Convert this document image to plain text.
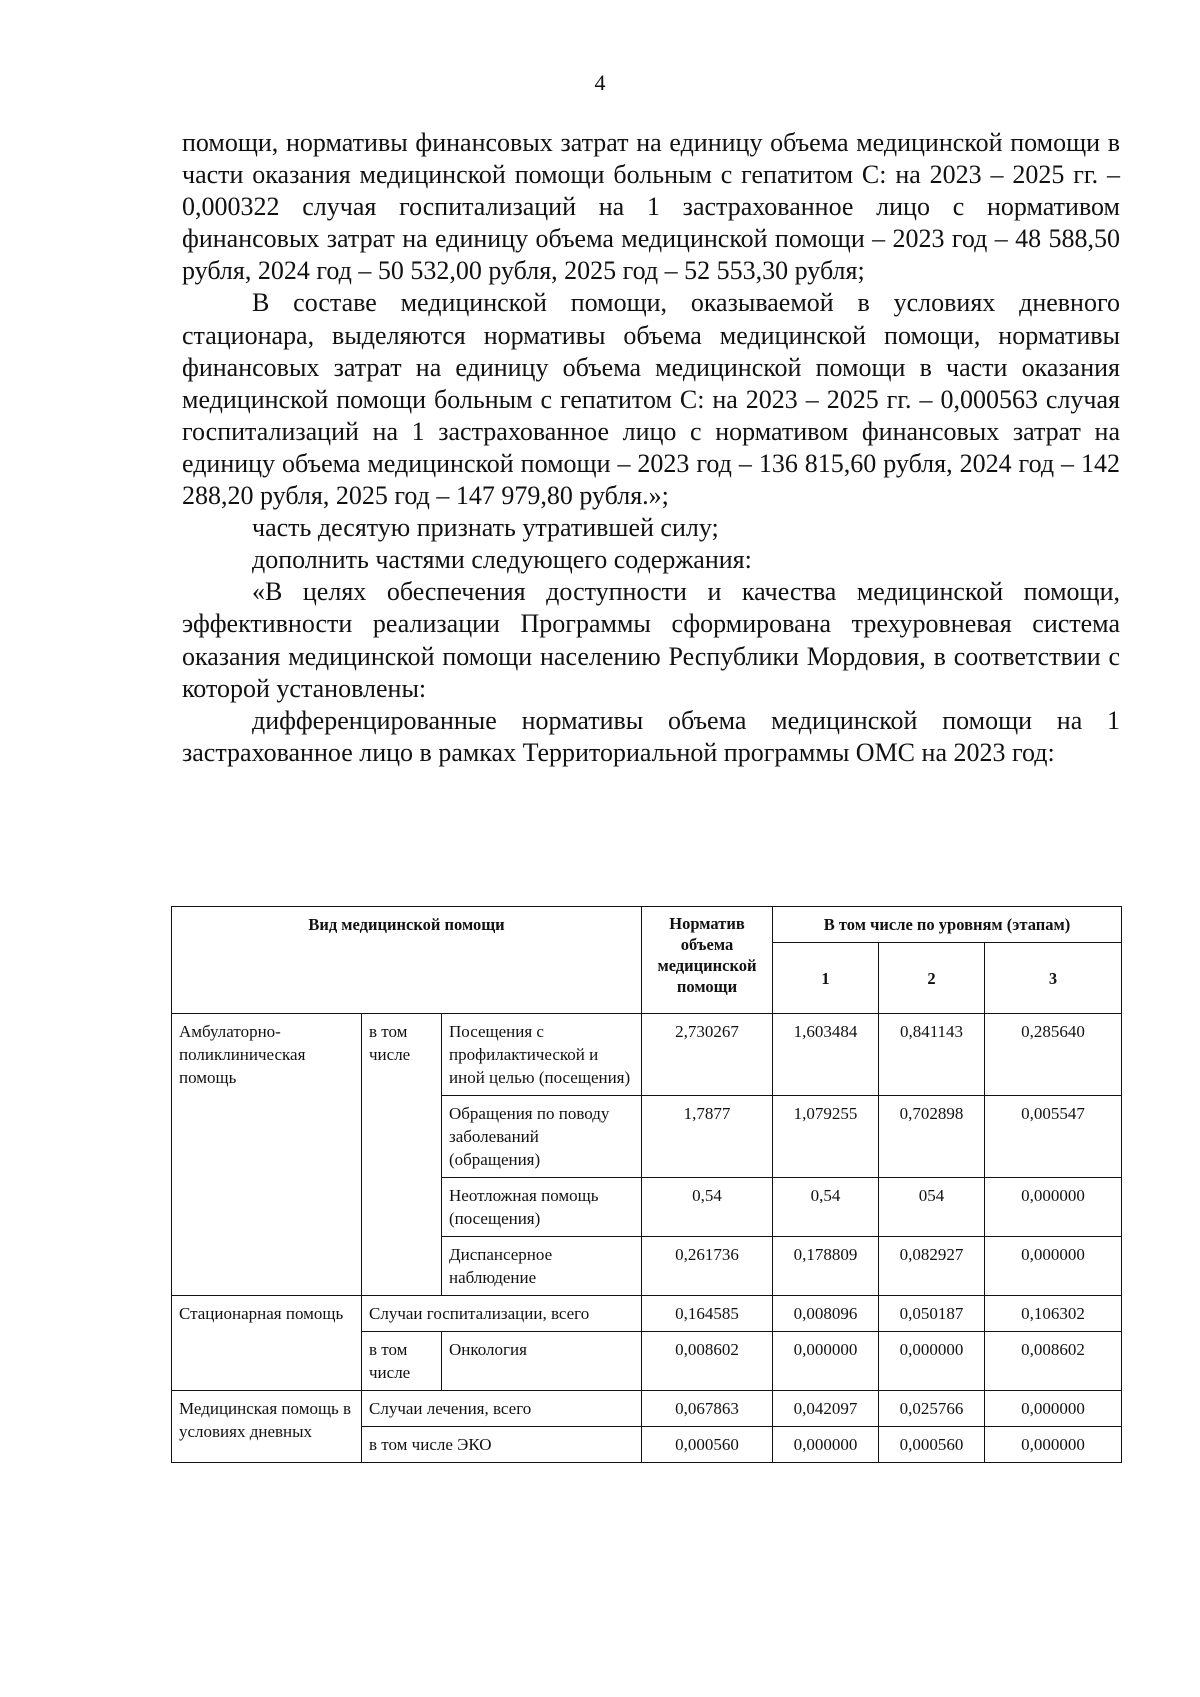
4

помощи, нормативы финансовых затрат на единицу объема медицинской помощи в части оказания медицинской помощи больным с гепатитом С: на 2023 – 2025 гг. – 0,000322 случая госпитализаций на 1 застрахованное лицо с нормативом финансовых затрат на единицу объема медицинской помощи – 2023 год – 48 588,50 рубля, 2024 год – 50 532,00 рубля, 2025 год – 52 553,30 рубля;

В составе медицинской помощи, оказываемой в условиях дневного стационара, выделяются нормативы объема медицинской помощи, нормативы финансовых затрат на единицу объема медицинской помощи в части оказания медицинской помощи больным с гепатитом С: на 2023 – 2025 гг. – 0,000563 случая госпитализаций на 1 застрахованное лицо с нормативом финансовых затрат на единицу объема медицинской помощи – 2023 год – 136 815,60 рубля, 2024 год – 142 288,20 рубля, 2025 год – 147 979,80 рубля.»;

часть десятую признать утратившей силу;

дополнить частями следующего содержания:

«В целях обеспечения доступности и качества медицинской помощи, эффективности реализации Программы сформирована трехуровневая система оказания медицинской помощи населению Республики Мордовия, в соответствии с которой установлены:

дифференцированные нормативы объема медицинской помощи на 1 застрахованное лицо в рамках Территориальной программы ОМС на 2023 год:

Вид медицинской помощи			Норматив объема медицинской помощи	В том числе по уровням (этапам)		
				1	2	3
Амбулаторно-поликлиническая помощь	в том числе	Посещения с профилактической и иной целью (посещения)	2,730267	1,603484	0,841143	0,285640
		Обращения по поводу заболеваний (обращения)	1,7877	1,079255	0,702898	0,005547
		Неотложная помощь (посещения)	0,54	0,54	054	0,000000
		Диспансерное наблюдение	0,261736	0,178809	0,082927	0,000000
Стационарная помощь	Случаи госпитализации, всего		0,164585	0,008096	0,050187	0,106302
	в том числе	Онкология	0,008602	0,000000	0,000000	0,008602
Медицинская помощь в условиях дневных	Случаи лечения, всего		0,067863	0,042097	0,025766	0,000000
	в том числе ЭКО		0,000560	0,000000	0,000560	0,000000
